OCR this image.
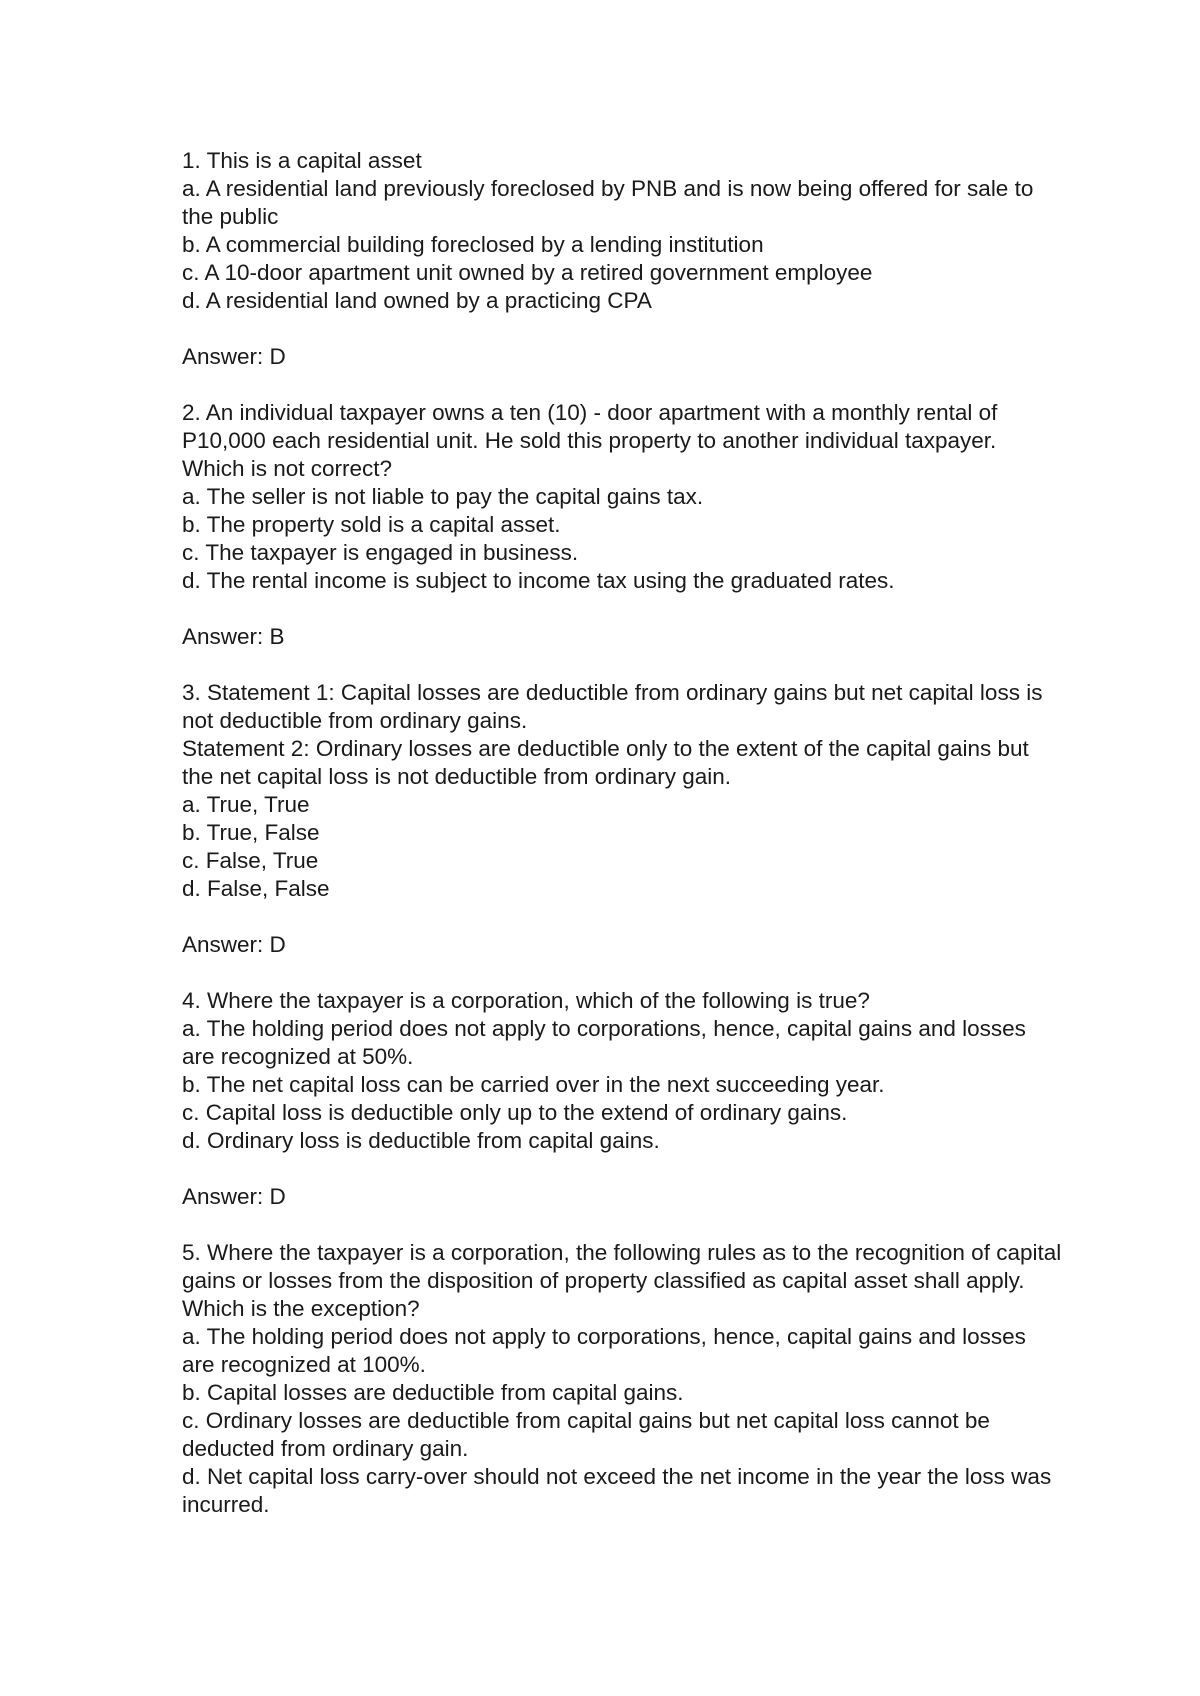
1. This is a capital asset

a. A residential land previously foreclosed by PNB and is now being offered for sale to the public

b. A commercial building foreclosed by a lending institution

c. A 10-door apartment unit owned by a retired government employee

d. A residential land owned by a practicing CPA

Answer: D

2. An individual taxpayer owns a ten (10) - door apartment with a monthly rental of P10,000 each residential unit. He sold this property to another individual taxpayer. Which is not correct?

a. The seller is not liable to pay the capital gains tax.

b. The property sold is a capital asset.

c. The taxpayer is engaged in business.

d. The rental income is subject to income tax using the graduated rates.

Answer: B

3. Statement 1: Capital losses are deductible from ordinary gains but net capital loss is not deductible from ordinary gains.

Statement 2: Ordinary losses are deductible only to the extent of the capital gains but the net capital loss is not deductible from ordinary gain.

a. True, True

b. True, False

c. False, True

d. False, False

Answer: D

4. Where the taxpayer is a corporation, which of the following is true?

a. The holding period does not apply to corporations, hence, capital gains and losses are recognized at 50%.

b. The net capital loss can be carried over in the next succeeding year.

c. Capital loss is deductible only up to the extend of ordinary gains.

d. Ordinary loss is deductible from capital gains.

Answer: D

5. Where the taxpayer is a corporation, the following rules as to the recognition of capital gains or losses from the disposition of property classified as capital asset shall apply. Which is the exception?

a. The holding period does not apply to corporations, hence, capital gains and losses are recognized at 100%.

b. Capital losses are deductible from capital gains.

c. Ordinary losses are deductible from capital gains but net capital loss cannot be deducted from ordinary gain.

d. Net capital loss carry-over should not exceed the net income in the year the loss was incurred.
